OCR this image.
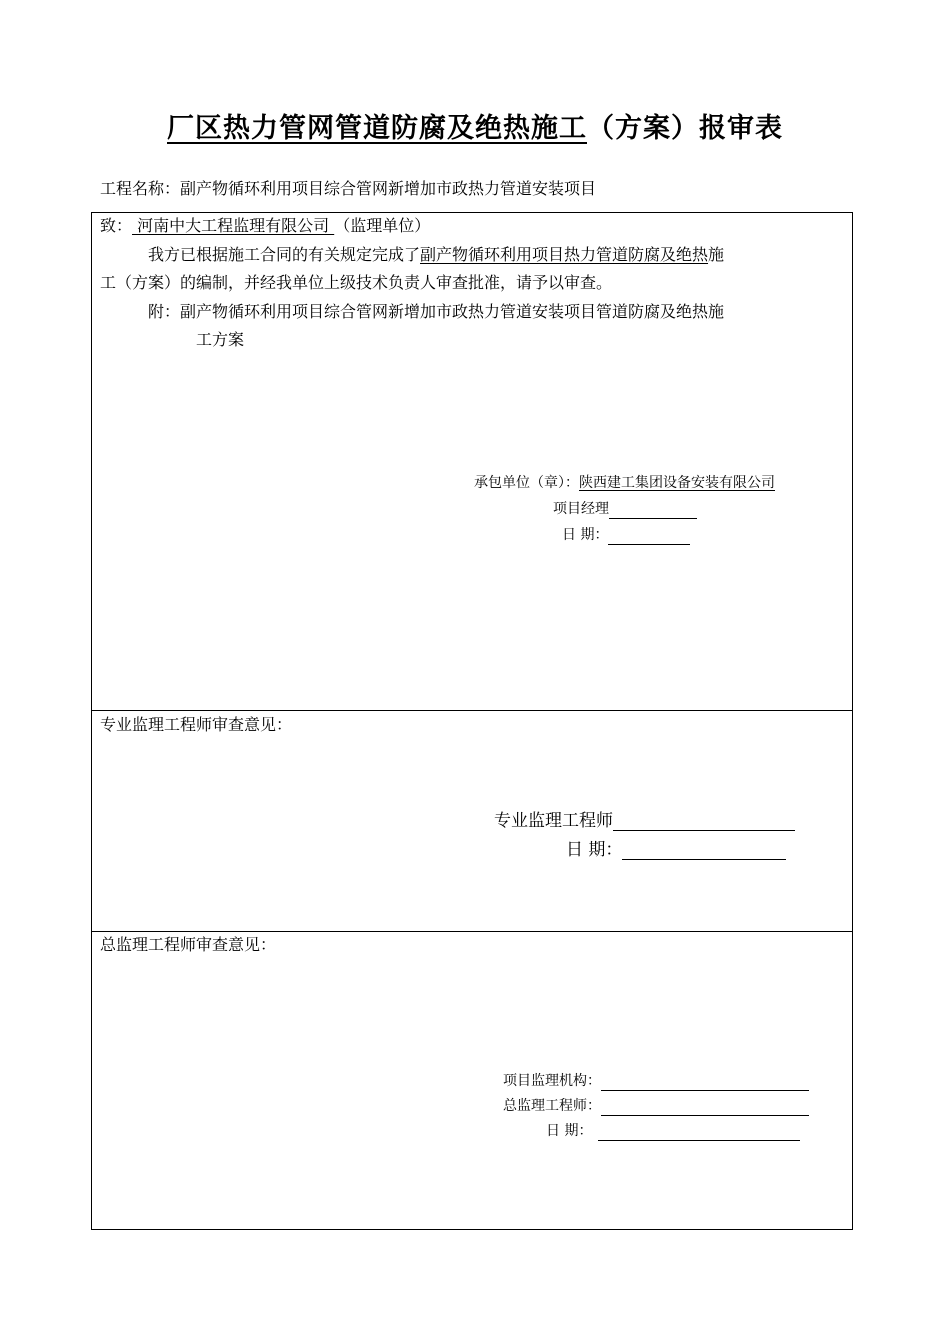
厂区热力管网管道防腐及绝热施工（方案）报审表
工程名称：副产物循环利用项目综合管网新增加市政热力管道安装项目
致： 河南中大工程监理有限公司 （监理单位）
我方已根据施工合同的有关规定完成了副产物循环利用项目热力管道防腐及绝热施
工（方案）的编制，并经我单位上级技术负责人审查批准，请予以审查。
附：副产物循环利用项目综合管网新增加市政热力管道安装项目管道防腐及绝热施
工方案
承包单位（章）：陕西建工集团设备安装有限公司
项目经理
日 期：
专业监理工程师审查意见：
专业监理工程师
日 期：
总监理工程师审查意见：
项目监理机构：
总监理工程师：
日 期：
